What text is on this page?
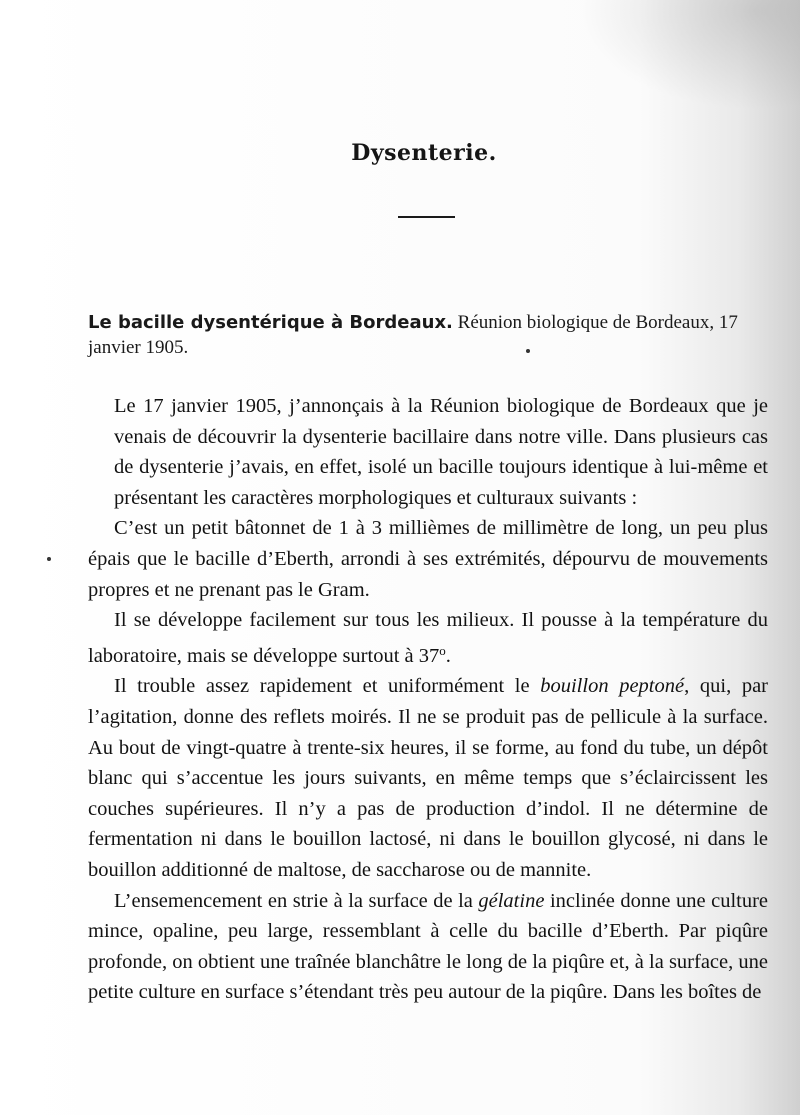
Dysenterie.
Le bacille dysentérique à Bordeaux. Réunion biologique de Bordeaux, 17 janvier 1905.

Le 17 janvier 1905, j’annonçais à la Réunion biologique de Bordeaux que je venais de découvrir la dysenterie bacillaire dans notre ville. Dans plusieurs cas de dysenterie j’avais, en effet, isolé un bacille toujours identique à lui-même et présentant les caractères morphologiques et culturaux suivants :

C’est un petit bâtonnet de 1 à 3 millièmes de millimètre de long, un peu plus épais que le bacille d’Eberth, arrondi à ses extrémités, dépourvu de mouvements propres et ne prenant pas le Gram.

Il se développe facilement sur tous les milieux. Il pousse à la température du laboratoire, mais se développe surtout à 37$^o$.

Il trouble assez rapidement et uniformément le bouillon peptoné, qui, par l’agitation, donne des reflets moirés. Il ne se produit pas de pellicule à la surface. Au bout de vingt-quatre à trente-six heures, il se forme, au fond du tube, un dépôt blanc qui s’accentue les jours suivants, en même temps que s’éclaircissent les couches supérieures. Il n’y a pas de production d’indol. Il ne détermine de fermentation ni dans le bouillon lactosé, ni dans le bouillon glycosé, ni dans le bouillon additionné de maltose, de saccharose ou de mannite.

L’ensemencement en strie à la surface de la gélatine inclinée donne une culture mince, opaline, peu large, ressemblant à celle du bacille d’Eberth. Par piqûre profonde, on obtient une traînée blanchâtre le long de la piqûre et, à la surface, une petite culture en surface s’étendant très peu autour de la piqûre. Dans les boîtes de
